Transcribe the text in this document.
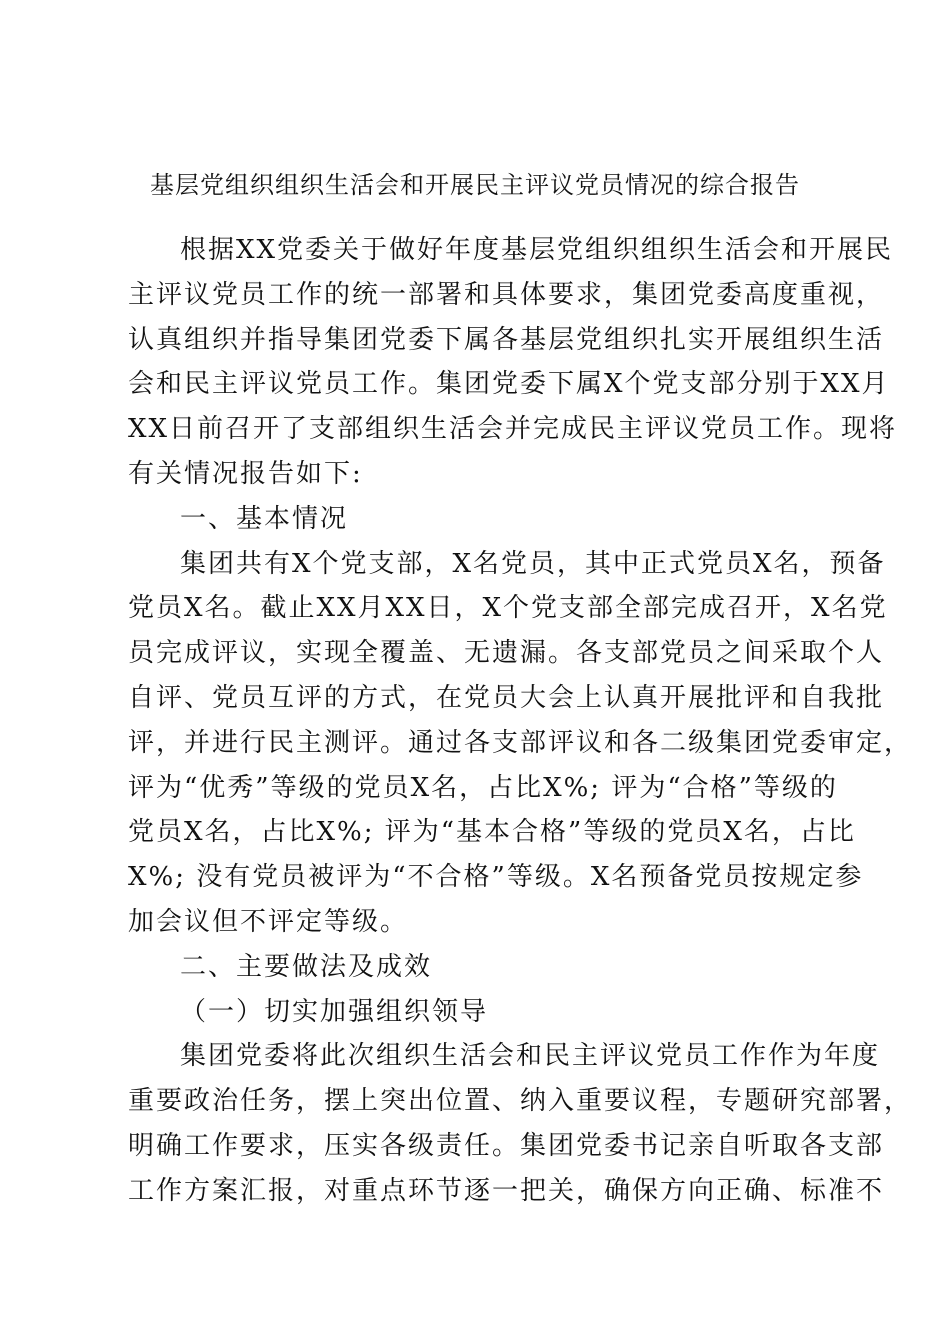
基层党组织组织生活会和开展民主评议党员情况的综合报告
根据XX党委关于做好年度基层党组织组织生活会和开展民
主评议党员工作的统一部署和具体要求，集团党委高度重视，
认真组织并指导集团党委下属各基层党组织扎实开展组织生活
会和民主评议党员工作。集团党委下属X个党支部分别于XX月
XX日前召开了支部组织生活会并完成民主评议党员工作。现将
有关情况报告如下:
一、基本情况
集团共有X个党支部，X名党员，其中正式党员X名，预备
党员X名。截止XX月XX日，X个党支部全部完成召开，X名党
员完成评议，实现全覆盖、无遗漏。各支部党员之间采取个人
自评、党员互评的方式，在党员大会上认真开展批评和自我批
评，并进行民主测评。通过各支部评议和各二级集团党委审定，
评为“优秀”等级的党员X名，占比X%; 评为“合格”等级的
党员X名，占比X%; 评为“基本合格”等级的党员X名，占比
X%; 没有党员被评为“不合格”等级。X名预备党员按规定参
加会议但不评定等级。
二、主要做法及成效
（一）切实加强组织领导
集团党委将此次组织生活会和民主评议党员工作作为年度
重要政治任务，摆上突出位置、纳入重要议程，专题研究部署，
明确工作要求，压实各级责任。集团党委书记亲自听取各支部
工作方案汇报，对重点环节逐一把关，确保方向正确、标准不
